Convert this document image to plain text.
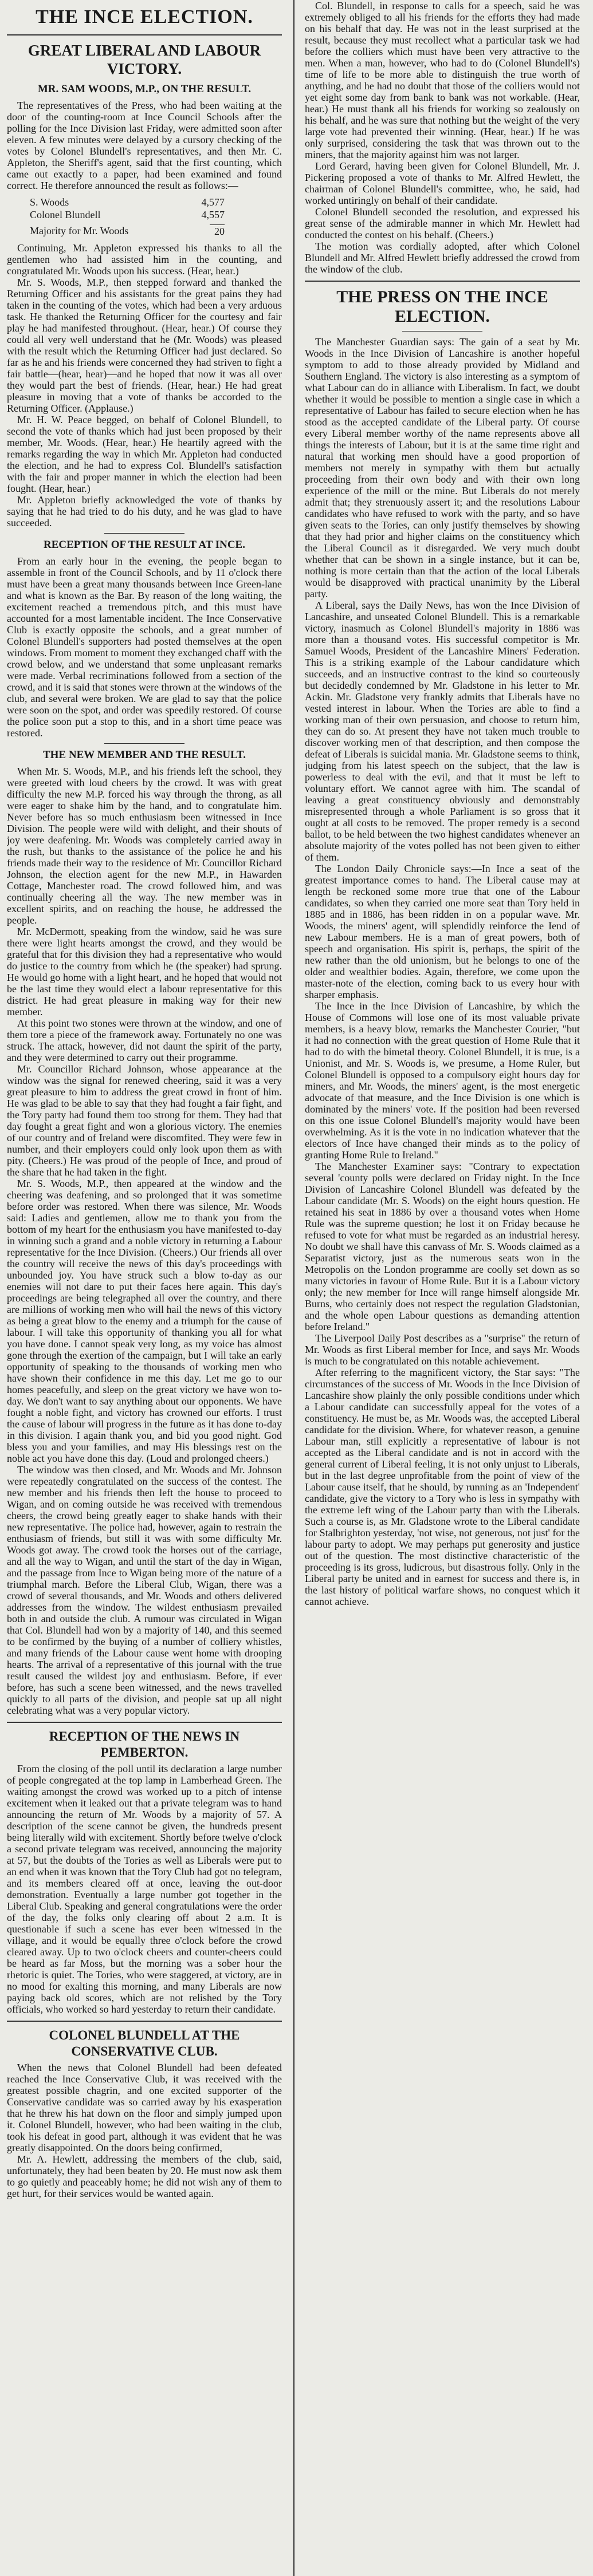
THE INCE ELECTION.
GREAT LIBERAL AND LABOUR VICTORY.
MR. SAM WOODS, M.P., ON THE RESULT.

The representatives of the Press, who had been waiting at the door of the counting-room at Ince Council Schools after the polling for the Ince Division last Friday, were admitted soon after eleven. A few minutes were delayed by a cursory checking of the votes by Colonel Blundell's representatives, and then Mr. C. Appleton, the Sheriff's agent, said that the first counting, which came out exactly to a paper, had been examined and found correct. He therefore announced the result as follows:—

S. Woods	4,577
Colonel Blundell	4,557
Majority for Mr. Woods	20

Continuing, Mr. Appleton expressed his thanks to all the gentlemen who had assisted him in the counting, and congratulated Mr. Woods upon his success. (Hear, hear.)

Mr. S. Woods, M.P., then stepped forward and thanked the Returning Officer and his assistants for the great pains they had taken in the counting of the votes, which had been a very arduous task. He thanked the Returning Officer for the courtesy and fair play he had manifested throughout. (Hear, hear.) Of course they could all very well understand that he (Mr. Woods) was pleased with the result which the Returning Officer had just declared. So far as he and his friends were concerned they had striven to fight a fair battle—(hear, hear)—and he hoped that now it was all over they would part the best of friends. (Hear, hear.) He had great pleasure in moving that a vote of thanks be accorded to the Returning Officer. (Applause.)

Mr. H. W. Peace begged, on behalf of Colonel Blundell, to second the vote of thanks which had just been proposed by their member, Mr. Woods. (Hear, hear.) He heartily agreed with the remarks regarding the way in which Mr. Appleton had conducted the election, and he had to express Col. Blundell's satisfaction with the fair and proper manner in which the election had been fought. (Hear, hear.)

Mr. Appleton briefly acknowledged the vote of thanks by saying that he had tried to do his duty, and he was glad to have succeeded.

RECEPTION OF THE RESULT AT INCE.

From an early hour in the evening, the people began to assemble in front of the Council Schools, and by 11 o'clock there must have been a great many thousands between Ince Green-lane and what is known as the Bar. By reason of the long waiting, the excitement reached a tremendous pitch, and this must have accounted for a most lamentable incident. The Ince Conservative Club is exactly opposite the schools, and a great number of Colonel Blundell's supporters had posted themselves at the open windows. From moment to moment they exchanged chaff with the crowd below, and we understand that some unpleasant remarks were made. Verbal recriminations followed from a section of the crowd, and it is said that stones were thrown at the windows of the club, and several were broken. We are glad to say that the police were soon on the spot, and order was speedily restored. Of course the police soon put a stop to this, and in a short time peace was restored.

THE NEW MEMBER AND THE RESULT.

When Mr. S. Woods, M.P., and his friends left the school, they were greeted with loud cheers by the crowd. It was with great difficulty the new M.P. forced his way through the throng, as all were eager to shake him by the hand, and to congratulate him. Never before has so much enthusiasm been witnessed in Ince Division. The people were wild with delight, and their shouts of joy were deafening. Mr. Woods was completely carried away in the rush, but thanks to the assistance of the police he and his friends made their way to the residence of Mr. Councillor Richard Johnson, the election agent for the new M.P., in Hawarden Cottage, Manchester road. The crowd followed him, and was continually cheering all the way. The new member was in excellent spirits, and on reaching the house, he addressed the people.

Mr. McDermott, speaking from the window, said he was sure there were light hearts amongst the crowd, and they would be grateful that for this division they had a representative who would do justice to the country from which he (the speaker) had sprung. He would go home with a light heart, and he hoped that would not be the last time they would elect a labour representative for this district. He had great pleasure in making way for their new member.

At this point two stones were thrown at the window, and one of them tore a piece of the framework away. Fortunately no one was struck. The attack, however, did not daunt the spirit of the party, and they were determined to carry out their programme.

Mr. Councillor Richard Johnson, whose appearance at the window was the signal for renewed cheering, said it was a very great pleasure to him to address the great crowd in front of him. He was glad to be able to say that they had fought a fair fight, and the Tory party had found them too strong for them. They had that day fought a great fight and won a glorious victory. The enemies of our country and of Ireland were discomfited. They were few in number, and their employers could only look upon them as with pity. (Cheers.) He was proud of the people of Ince, and proud of the share that he had taken in the fight.

Mr. S. Woods, M.P., then appeared at the window and the cheering was deafening, and so prolonged that it was sometime before order was restored. When there was silence, Mr. Woods said: Ladies and gentlemen, allow me to thank you from the bottom of my heart for the enthusiasm you have manifested to-day in winning such a grand and a noble victory in returning a Labour representative for the Ince Division. (Cheers.) Our friends all over the country will receive the news of this day's proceedings with unbounded joy. You have struck such a blow to-day as our enemies will not dare to put their faces here again. This day's proceedings are being telegraphed all over the country, and there are millions of working men who will hail the news of this victory as being a great blow to the enemy and a triumph for the cause of labour. I will take this opportunity of thanking you all for what you have done. I cannot speak very long, as my voice has almost gone through the exertion of the campaign, but I will take an early opportunity of speaking to the thousands of working men who have shown their confidence in me this day. Let me go to our homes peacefully, and sleep on the great victory we have won to-day. We don't want to say anything about our opponents. We have fought a noble fight, and victory has crowned our efforts. I trust the cause of labour will progress in the future as it has done to-day in this division. I again thank you, and bid you good night. God bless you and your families, and may His blessings rest on the noble act you have done this day. (Loud and prolonged cheers.)

The window was then closed, and Mr. Woods and Mr. Johnson were repeatedly congratulated on the success of the contest. The new member and his friends then left the house to proceed to Wigan, and on coming outside he was received with tremendous cheers, the crowd being greatly eager to shake hands with their new representative. The police had, however, again to restrain the enthusiasm of friends, but still it was with some difficulty Mr. Woods got away. The crowd took the horses out of the carriage, and all the way to Wigan, and until the start of the day in Wigan, and the passage from Ince to Wigan being more of the nature of a triumphal march. Before the Liberal Club, Wigan, there was a crowd of several thousands, and Mr. Woods and others delivered addresses from the window. The wildest enthusiasm prevailed both in and outside the club. A rumour was circulated in Wigan that Col. Blundell had won by a majority of 140, and this seemed to be confirmed by the buying of a number of colliery whistles, and many friends of the Labour cause went home with drooping hearts. The arrival of a representative of this journal with the true result caused the wildest joy and enthusiasm. Before, if ever before, has such a scene been witnessed, and the news travelled quickly to all parts of the division, and people sat up all night celebrating what was a very popular victory.

RECEPTION OF THE NEWS IN PEMBERTON.

From the closing of the poll until its declaration a large number of people congregated at the top lamp in Lamberhead Green. The waiting amongst the crowd was worked up to a pitch of intense excitement when it leaked out that a private telegram was to hand announcing the return of Mr. Woods by a majority of 57. A description of the scene cannot be given, the hundreds present being literally wild with excitement. Shortly before twelve o'clock a second private telegram was received, announcing the majority at 57, but the doubts of the Tories as well as Liberals were put to an end when it was known that the Tory Club had got no telegram, and its members cleared off at once, leaving the out-door demonstration. Eventually a large number got together in the Liberal Club. Speaking and general congratulations were the order of the day, the folks only clearing off about 2 a.m. It is questionable if such a scene has ever been witnessed in the village, and it would be equally three o'clock before the crowd cleared away. Up to two o'clock cheers and counter-cheers could be heard as far Moss, but the morning was a sober hour the rhetoric is quiet. The Tories, who were staggered, at victory, are in no mood for exalting this morning, and many Liberals are now paying back old scores, which are not relished by the Tory officials, who worked so hard yesterday to return their candidate.

COLONEL BLUNDELL AT THE CONSERVATIVE CLUB.

When the news that Colonel Blundell had been defeated reached the Ince Conservative Club, it was received with the greatest possible chagrin, and one excited supporter of the Conservative candidate was so carried away by his exasperation that he threw his hat down on the floor and simply jumped upon it. Colonel Blundell, however, who had been waiting in the club, took his defeat in good part, although it was evident that he was greatly disappointed. On the doors being confirmed,

Mr. A. Hewlett, addressing the members of the club, said, unfortunately, they had been beaten by 20. He must now ask them to go quietly and peaceably home; he did not wish any of them to get hurt, for their services would be wanted again.

Col. Blundell, in response to calls for a speech, said he was extremely obliged to all his friends for the efforts they had made on his behalf that day. He was not in the least surprised at the result, because they must recollect what a particular task we had before the colliers which must have been very attractive to the men. When a man, however, who had to do (Colonel Blundell's) time of life to be more able to distinguish the true worth of anything, and he had no doubt that those of the colliers would not yet eight some day from bank to bank was not workable. (Hear, hear.) He must thank all his friends for working so zealously on his behalf, and he was sure that nothing but the weight of the very large vote had prevented their winning. (Hear, hear.) If he was only surprised, considering the task that was thrown out to the miners, that the majority against him was not larger.

Lord Gerard, having been given for Colonel Blundell, Mr. J. Pickering proposed a vote of thanks to Mr. Alfred Hewlett, the chairman of Colonel Blundell's committee, who, he said, had worked untiringly on behalf of their candidate.

Colonel Blundell seconded the resolution, and expressed his great sense of the admirable manner in which Mr. Hewlett had conducted the contest on his behalf. (Cheers.)

The motion was cordially adopted, after which Colonel Blundell and Mr. Alfred Hewlett briefly addressed the crowd from the window of the club.

THE PRESS ON THE INCE ELECTION.

The Manchester Guardian says: The gain of a seat by Mr. Woods in the Ince Division of Lancashire is another hopeful symptom to add to those already provided by Midland and Southern England. The victory is also interesting as a symptom of what Labour can do in alliance with Liberalism. In fact, we doubt whether it would be possible to mention a single case in which a representative of Labour has failed to secure election when he has stood as the accepted candidate of the Liberal party. Of course every Liberal member worthy of the name represents above all things the interests of Labour, but it is at the same time right and natural that working men should have a good proportion of members not merely in sympathy with them but actually proceeding from their own body and with their own long experience of the mill or the mine. But Liberals do not merely admit that; they strenuously assert it; and the resolutions Labour candidates who have refused to work with the party, and so have given seats to the Tories, can only justify themselves by showing that they had prior and higher claims on the constituency which the Liberal Council as it disregarded. We very much doubt whether that can be shown in a single instance, but it can be, nothing is more certain than that the action of the local Liberals would be disapproved with practical unanimity by the Liberal party.

A Liberal, says the Daily News, has won the Ince Division of Lancashire, and unseated Colonel Blundell. This is a remarkable victory, inasmuch as Colonel Blundell's majority in 1886 was more than a thousand votes. His successful competitor is Mr. Samuel Woods, President of the Lancashire Miners' Federation. This is a striking example of the Labour candidature which succeeds, and an instructive contrast to the kind so courteously but decidedly condemned by Mr. Gladstone in his letter to Mr. Ackin. Mr. Gladstone very frankly admits that Liberals have no vested interest in labour. When the Tories are able to find a working man of their own persuasion, and choose to return him, they can do so. At present they have not taken much trouble to discover working men of that description, and then compose the defeat of Liberals is suicidal mania. Mr. Gladstone seems to think, judging from his latest speech on the subject, that the law is powerless to deal with the evil, and that it must be left to voluntary effort. We cannot agree with him. The scandal of leaving a great constituency obviously and demonstrably misrepresented through a whole Parliament is so gross that it ought at all costs to be removed. The proper remedy is a second ballot, to be held between the two highest candidates whenever an absolute majority of the votes polled has not been given to either of them.

The London Daily Chronicle says:—In Ince a seat of the greatest importance comes to hand. The Liberal cause may at length be reckoned some more true that one of the Labour candidates, so when they carried one more seat than Tory held in 1885 and in 1886, has been ridden in on a popular wave. Mr. Woods, the miners' agent, will splendidly reinforce the Iend of new Labour members. He is a man of great powers, both of speech and organisation. His spirit is, perhaps, the spirit of the new rather than the old unionism, but he belongs to one of the older and wealthier bodies. Again, therefore, we come upon the master-note of the election, coming back to us every hour with sharper emphasis.

The Ince in the Ince Division of Lancashire, by which the House of Commons will lose one of its most valuable private members, is a heavy blow, remarks the Manchester Courier, "but it had no connection with the great question of Home Rule that it had to do with the bimetal theory. Colonel Blundell, it is true, is a Unionist, and Mr. S. Woods is, we presume, a Home Ruler, but Colonel Blundell is opposed to a compulsory eight hours day for miners, and Mr. Woods, the miners' agent, is the most energetic advocate of that measure, and the Ince Division is one which is dominated by the miners' vote. If the position had been reversed on this one issue Colonel Blundell's majority would have been overwhelming. As it is the vote in no indication whatever that the electors of Ince have changed their minds as to the policy of granting Home Rule to Ireland."

The Manchester Examiner says: "Contrary to expectation several 'county polls were declared on Friday night. In the Ince Division of Lancashire Colonel Blundell was defeated by the Labour candidate (Mr. S. Woods) on the eight hours question. He retained his seat in 1886 by over a thousand votes when Home Rule was the supreme question; he lost it on Friday because he refused to vote for what must be regarded as an industrial heresy. No doubt we shall have this canvass of Mr. S. Woods claimed as a Separatist victory, just as the numerous seats won in the Metropolis on the London programme are coolly set down as so many victories in favour of Home Rule. But it is a Labour victory only; the new member for Ince will range himself alongside Mr. Burns, who certainly does not respect the regulation Gladstonian, and the whole open Labour questions as demanding attention before Ireland."

The Liverpool Daily Post describes as a "surprise" the return of Mr. Woods as first Liberal member for Ince, and says Mr. Woods is much to be congratulated on this notable achievement.

After referring to the magnificent victory, the Star says: "The circumstances of the success of Mr. Woods in the Ince Division of Lancashire show plainly the only possible conditions under which a Labour candidate can successfully appeal for the votes of a constituency. He must be, as Mr. Woods was, the accepted Liberal candidate for the division. Where, for whatever reason, a genuine Labour man, still explicitly a representative of labour is not accepted as the Liberal candidate and is not in accord with the general current of Liberal feeling, it is not only unjust to Liberals, but in the last degree unprofitable from the point of view of the Labour cause itself, that he should, by running as an 'Independent' candidate, give the victory to a Tory who is less in sympathy with the extreme left wing of the Labour party than with the Liberals. Such a course is, as Mr. Gladstone wrote to the Liberal candidate for Stalbrighton yesterday, 'not wise, not generous, not just' for the labour party to adopt. We may perhaps put generosity and justice out of the question. The most distinctive characteristic of the proceeding is its gross, ludicrous, but disastrous folly. Only in the Liberal party be united and in earnest for success and there is, in the last history of political warfare shows, no conquest which it cannot achieve.
